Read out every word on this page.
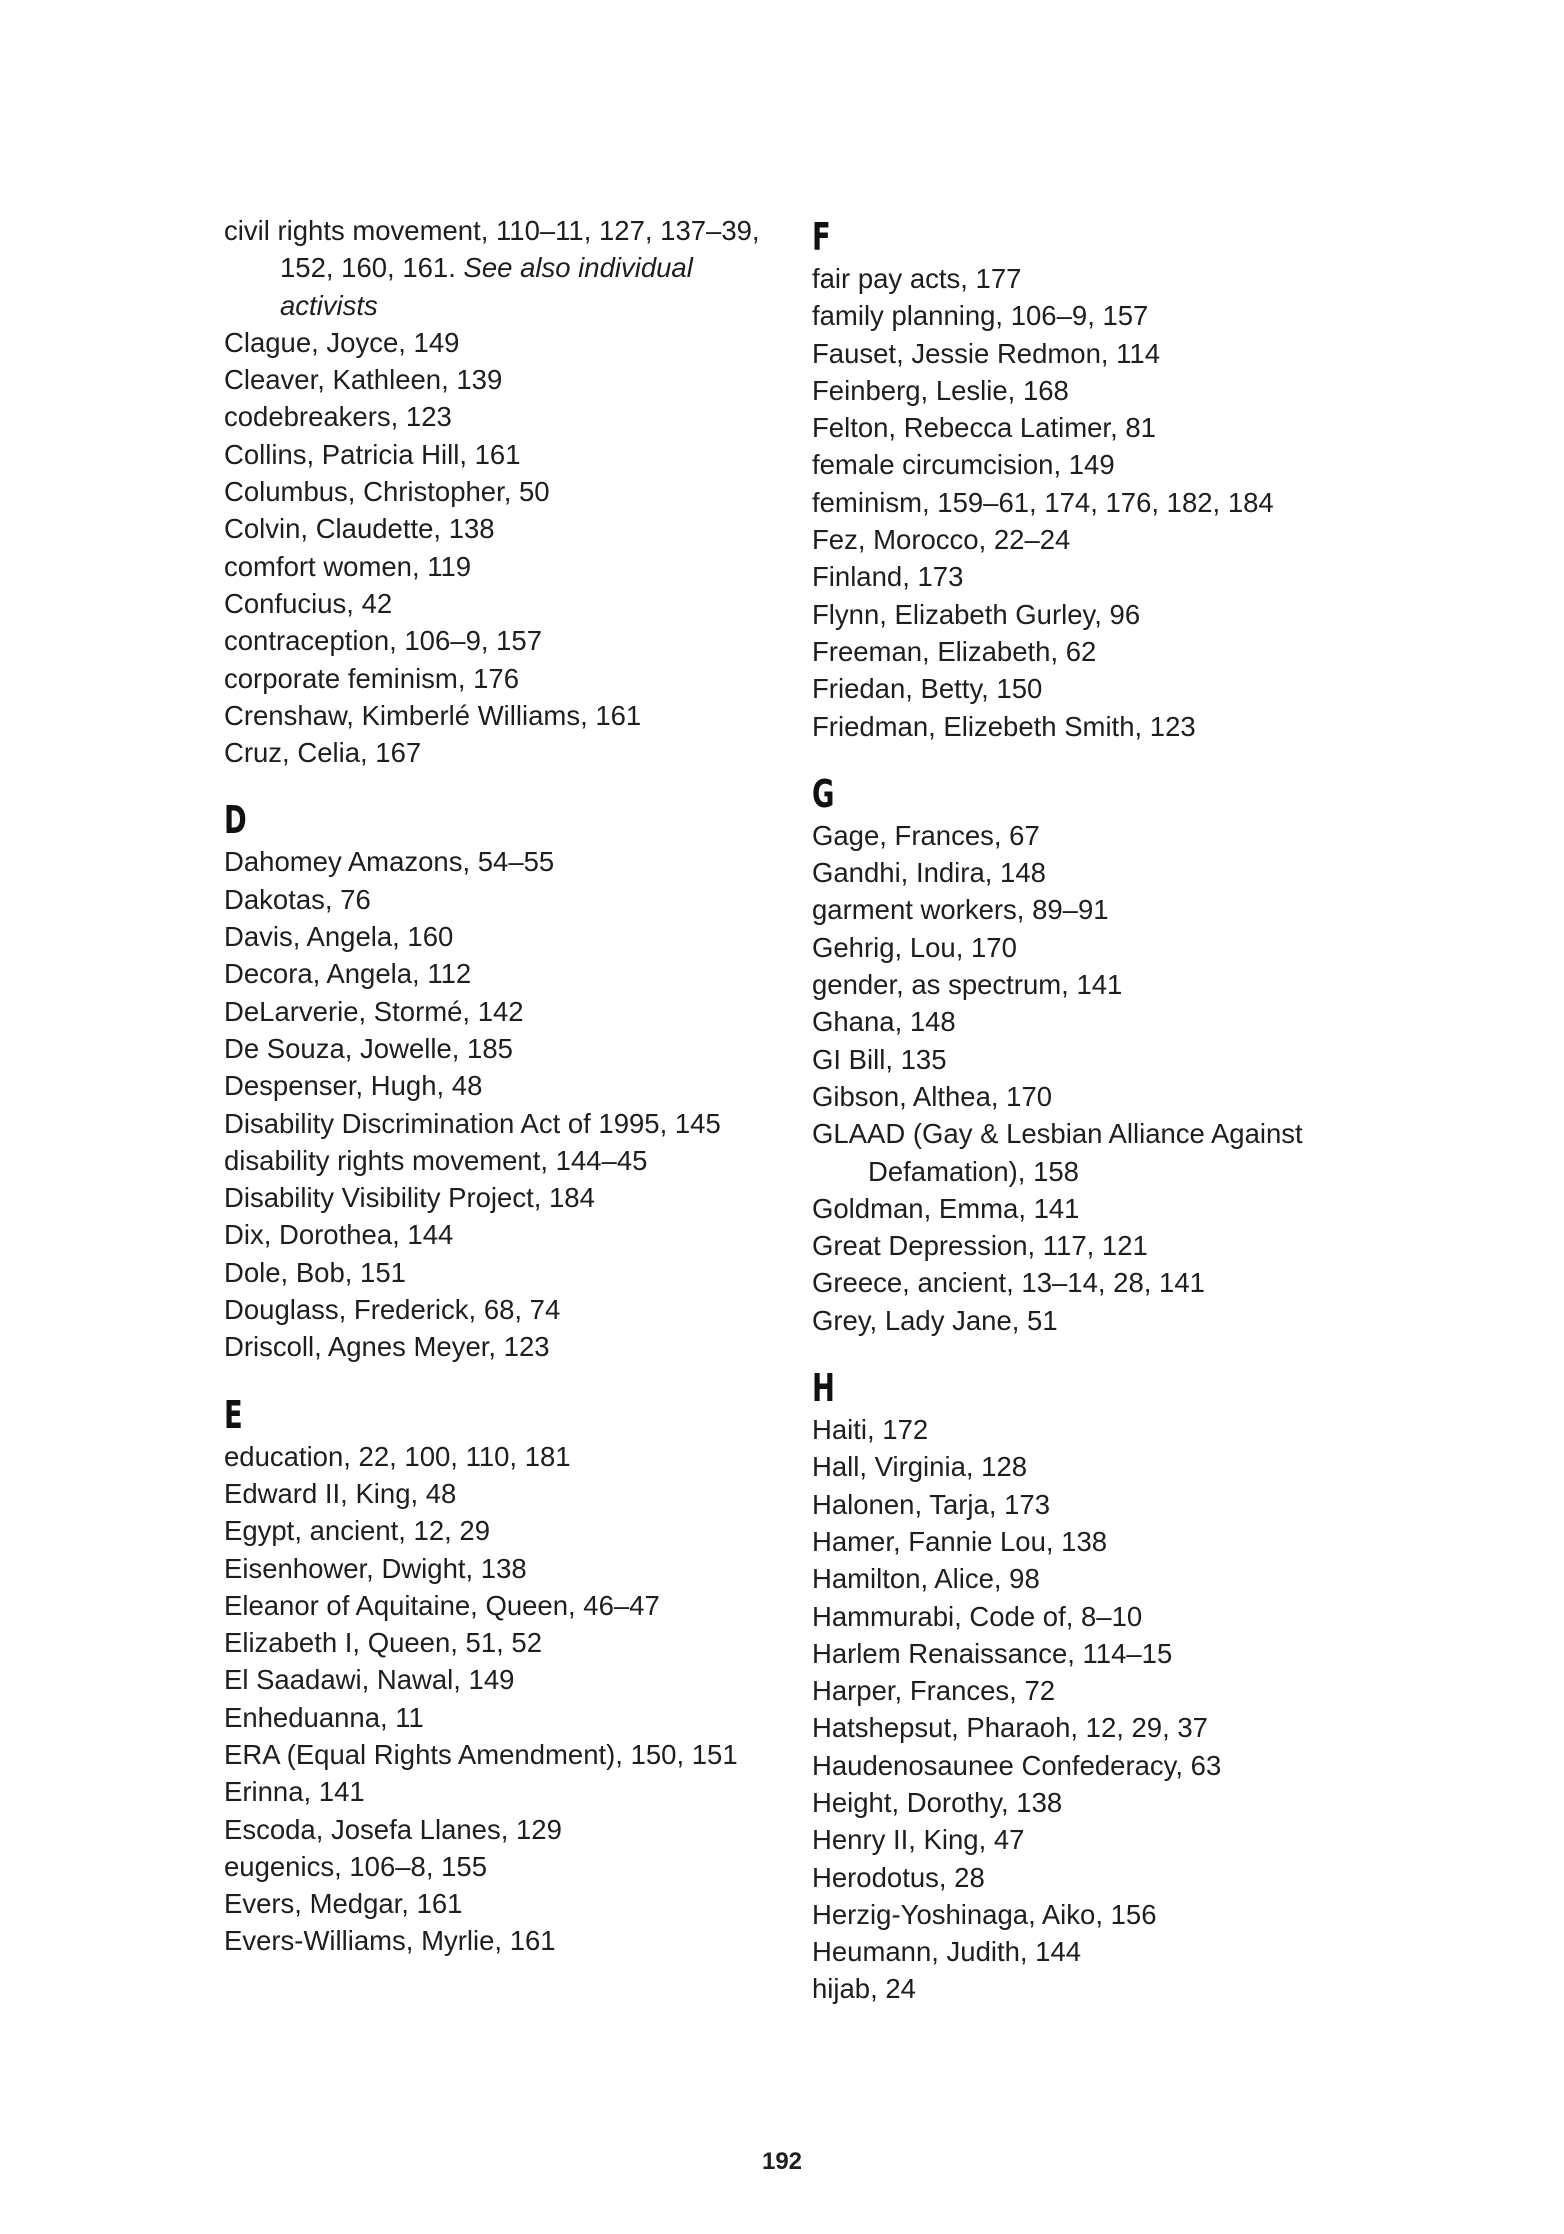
civil rights movement, 110–11, 127, 137–39, 152, 160, 161. See also individual activists
Clague, Joyce, 149
Cleaver, Kathleen, 139
codebreakers, 123
Collins, Patricia Hill, 161
Columbus, Christopher, 50
Colvin, Claudette, 138
comfort women, 119
Confucius, 42
contraception, 106–9, 157
corporate feminism, 176
Crenshaw, Kimberlé Williams, 161
Cruz, Celia, 167
D
Dahomey Amazons, 54–55
Dakotas, 76
Davis, Angela, 160
Decora, Angela, 112
DeLarverie, Stormé, 142
De Souza, Jowelle, 185
Despenser, Hugh, 48
Disability Discrimination Act of 1995, 145
disability rights movement, 144–45
Disability Visibility Project, 184
Dix, Dorothea, 144
Dole, Bob, 151
Douglass, Frederick, 68, 74
Driscoll, Agnes Meyer, 123
E
education, 22, 100, 110, 181
Edward II, King, 48
Egypt, ancient, 12, 29
Eisenhower, Dwight, 138
Eleanor of Aquitaine, Queen, 46–47
Elizabeth I, Queen, 51, 52
El Saadawi, Nawal, 149
Enheduanna, 11
ERA (Equal Rights Amendment), 150, 151
Erinna, 141
Escoda, Josefa Llanes, 129
eugenics, 106–8, 155
Evers, Medgar, 161
Evers-Williams, Myrlie, 161
F
fair pay acts, 177
family planning, 106–9, 157
Fauset, Jessie Redmon, 114
Feinberg, Leslie, 168
Felton, Rebecca Latimer, 81
female circumcision, 149
feminism, 159–61, 174, 176, 182, 184
Fez, Morocco, 22–24
Finland, 173
Flynn, Elizabeth Gurley, 96
Freeman, Elizabeth, 62
Friedan, Betty, 150
Friedman, Elizebeth Smith, 123
G
Gage, Frances, 67
Gandhi, Indira, 148
garment workers, 89–91
Gehrig, Lou, 170
gender, as spectrum, 141
Ghana, 148
GI Bill, 135
Gibson, Althea, 170
GLAAD (Gay & Lesbian Alliance Against Defamation), 158
Goldman, Emma, 141
Great Depression, 117, 121
Greece, ancient, 13–14, 28, 141
Grey, Lady Jane, 51
H
Haiti, 172
Hall, Virginia, 128
Halonen, Tarja, 173
Hamer, Fannie Lou, 138
Hamilton, Alice, 98
Hammurabi, Code of, 8–10
Harlem Renaissance, 114–15
Harper, Frances, 72
Hatshepsut, Pharaoh, 12, 29, 37
Haudenosaunee Confederacy, 63
Height, Dorothy, 138
Henry II, King, 47
Herodotus, 28
Herzig-Yoshinaga, Aiko, 156
Heumann, Judith, 144
hijab, 24
192
